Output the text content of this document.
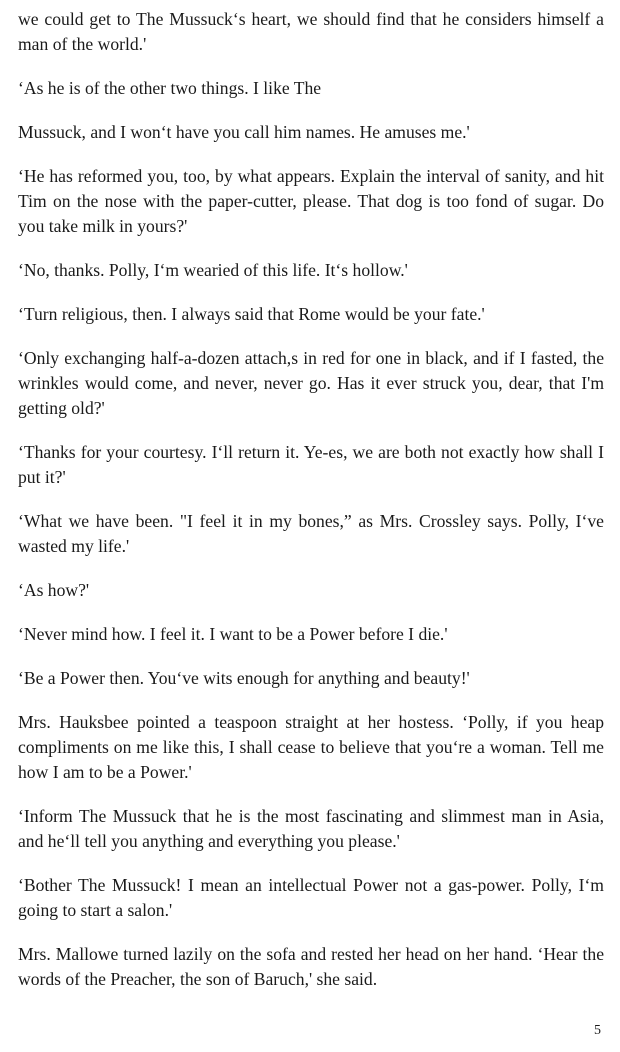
we could get to The Mussuck‘s heart, we should find that he considers himself a man of the world.'

‘As he is of the other two things. I like The

Mussuck, and I won‘t have you call him names. He amuses me.'

‘He has reformed you, too, by what appears. Explain the interval of sanity, and hit Tim on the nose with the paper-cutter, please. That dog is too fond of sugar. Do you take milk in yours?'

‘No, thanks. Polly, I‘m wearied of this life. It‘s hollow.'

‘Turn religious, then. I always said that Rome would be your fate.'

‘Only exchanging half-a-dozen attach,s in red for one in black, and if I fasted, the wrinkles would come, and never, never go. Has it ever struck you, dear, that I'm getting old?'

‘Thanks for your courtesy. I‘ll return it. Ye-es, we are both not exactly how shall I put it?'

‘What we have been. "I feel it in my bones,” as Mrs. Crossley says. Polly, I‘ve wasted my life.'

‘As how?'

‘Never mind how. I feel it. I want to be a Power before I die.'

‘Be a Power then. You‘ve wits enough for anything and beauty!'

Mrs. Hauksbee pointed a teaspoon straight at her hostess. ‘Polly, if you heap compliments on me like this, I shall cease to believe that you‘re a woman. Tell me how I am to be a Power.'

‘Inform The Mussuck that he is the most fascinating and slimmest man in Asia, and he‘ll tell you anything and everything you please.'

‘Bother The Mussuck! I mean an intellectual Power not a gas-power. Polly, I‘m going to start a salon.'

Mrs. Mallowe turned lazily on the sofa and rested her head on her hand. ‘Hear the words of the Preacher, the son of Baruch,' she said.

5
